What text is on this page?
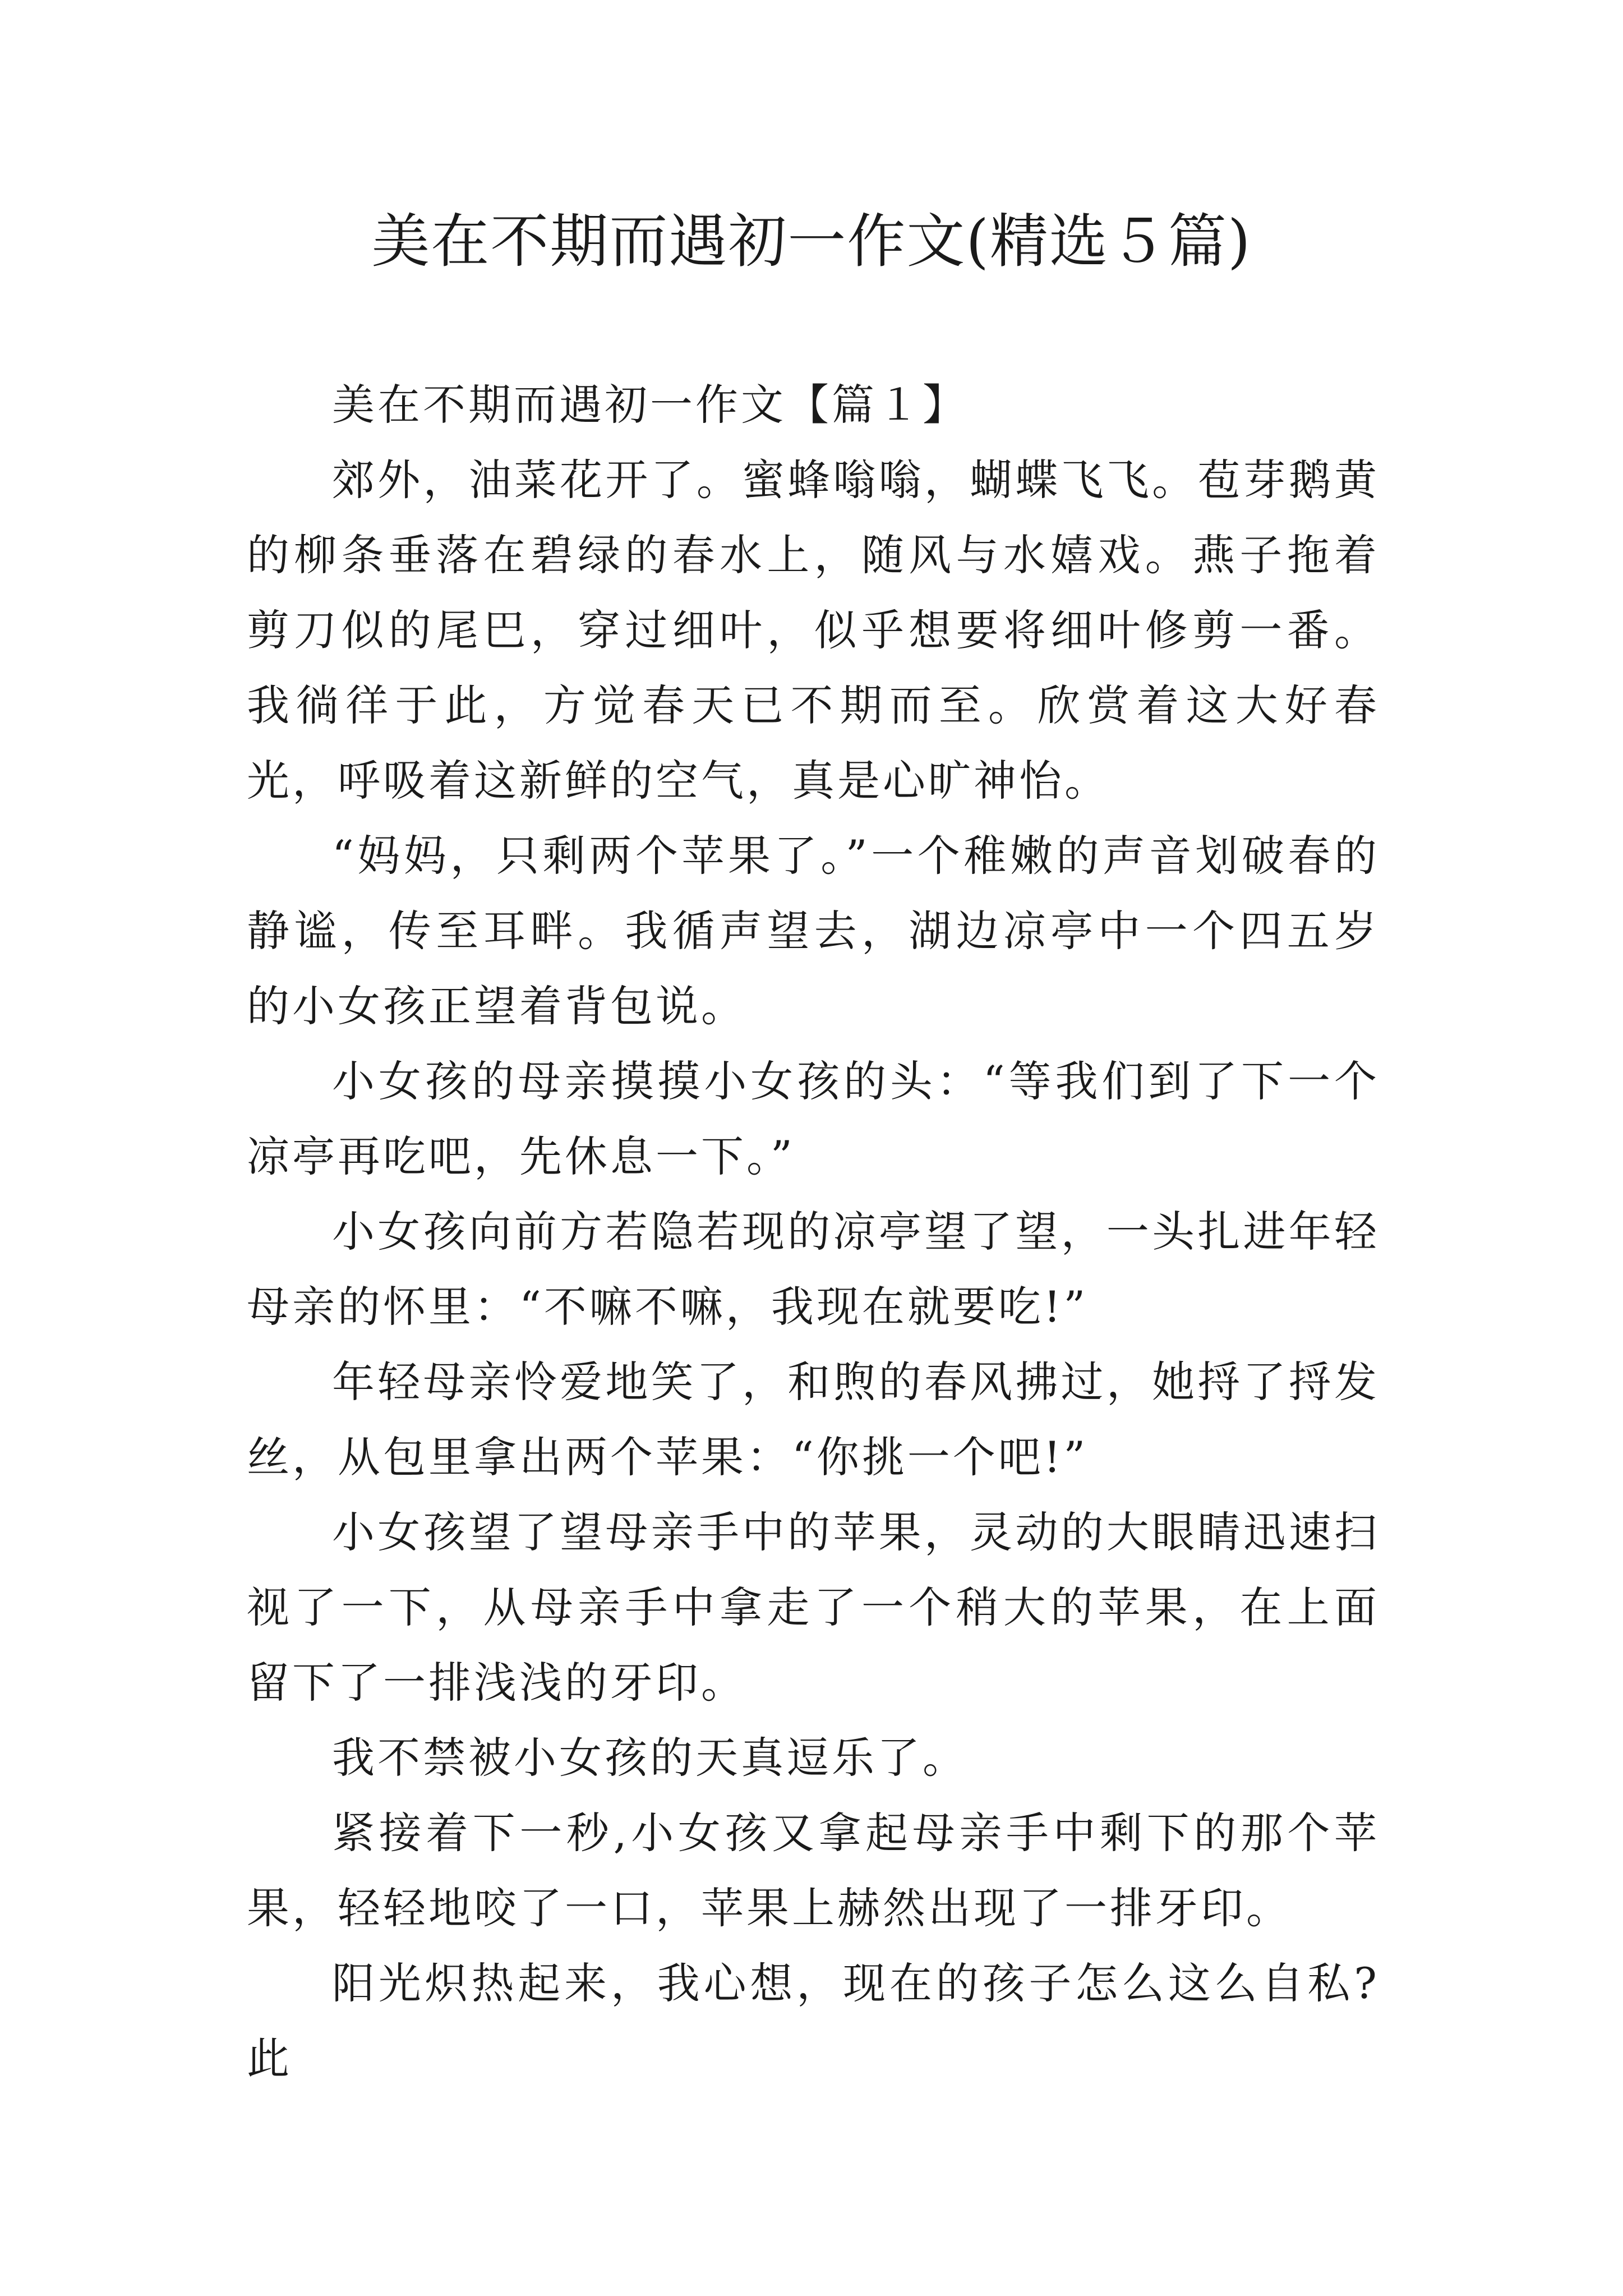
美在不期而遇初一作文(精选５篇)

美在不期而遇初一作文【篇１】

郊外，油菜花开了。蜜蜂嗡嗡，蝴蝶飞飞。苞芽鹅黄的柳条垂落在碧绿的春水上，随风与水嬉戏。燕子拖着剪刀似的尾巴，穿过细叶，似乎想要将细叶修剪一番。我徜徉于此，方觉春天已不期而至。欣赏着这大好春光，呼吸着这新鲜的空气，真是心旷神怡。

“妈妈，只剩两个苹果了。”一个稚嫩的声音划破春的静谧，传至耳畔。我循声望去，湖边凉亭中一个四五岁的小女孩正望着背包说。

小女孩的母亲摸摸小女孩的头：“等我们到了下一个凉亭再吃吧，先休息一下。”

小女孩向前方若隐若现的凉亭望了望，一头扎进年轻母亲的怀里：“不嘛不嘛，我现在就要吃!”

年轻母亲怜爱地笑了，和煦的春风拂过，她捋了捋发丝，从包里拿出两个苹果：“你挑一个吧!”

小女孩望了望母亲手中的苹果，灵动的大眼睛迅速扫视了一下，从母亲手中拿走了一个稍大的苹果，在上面留下了一排浅浅的牙印。

我不禁被小女孩的天真逗乐了。

紧接着下一秒,小女孩又拿起母亲手中剩下的那个苹果，轻轻地咬了一口，苹果上赫然出现了一排牙印。

阳光炽热起来，我心想，现在的孩子怎么这么自私?此
